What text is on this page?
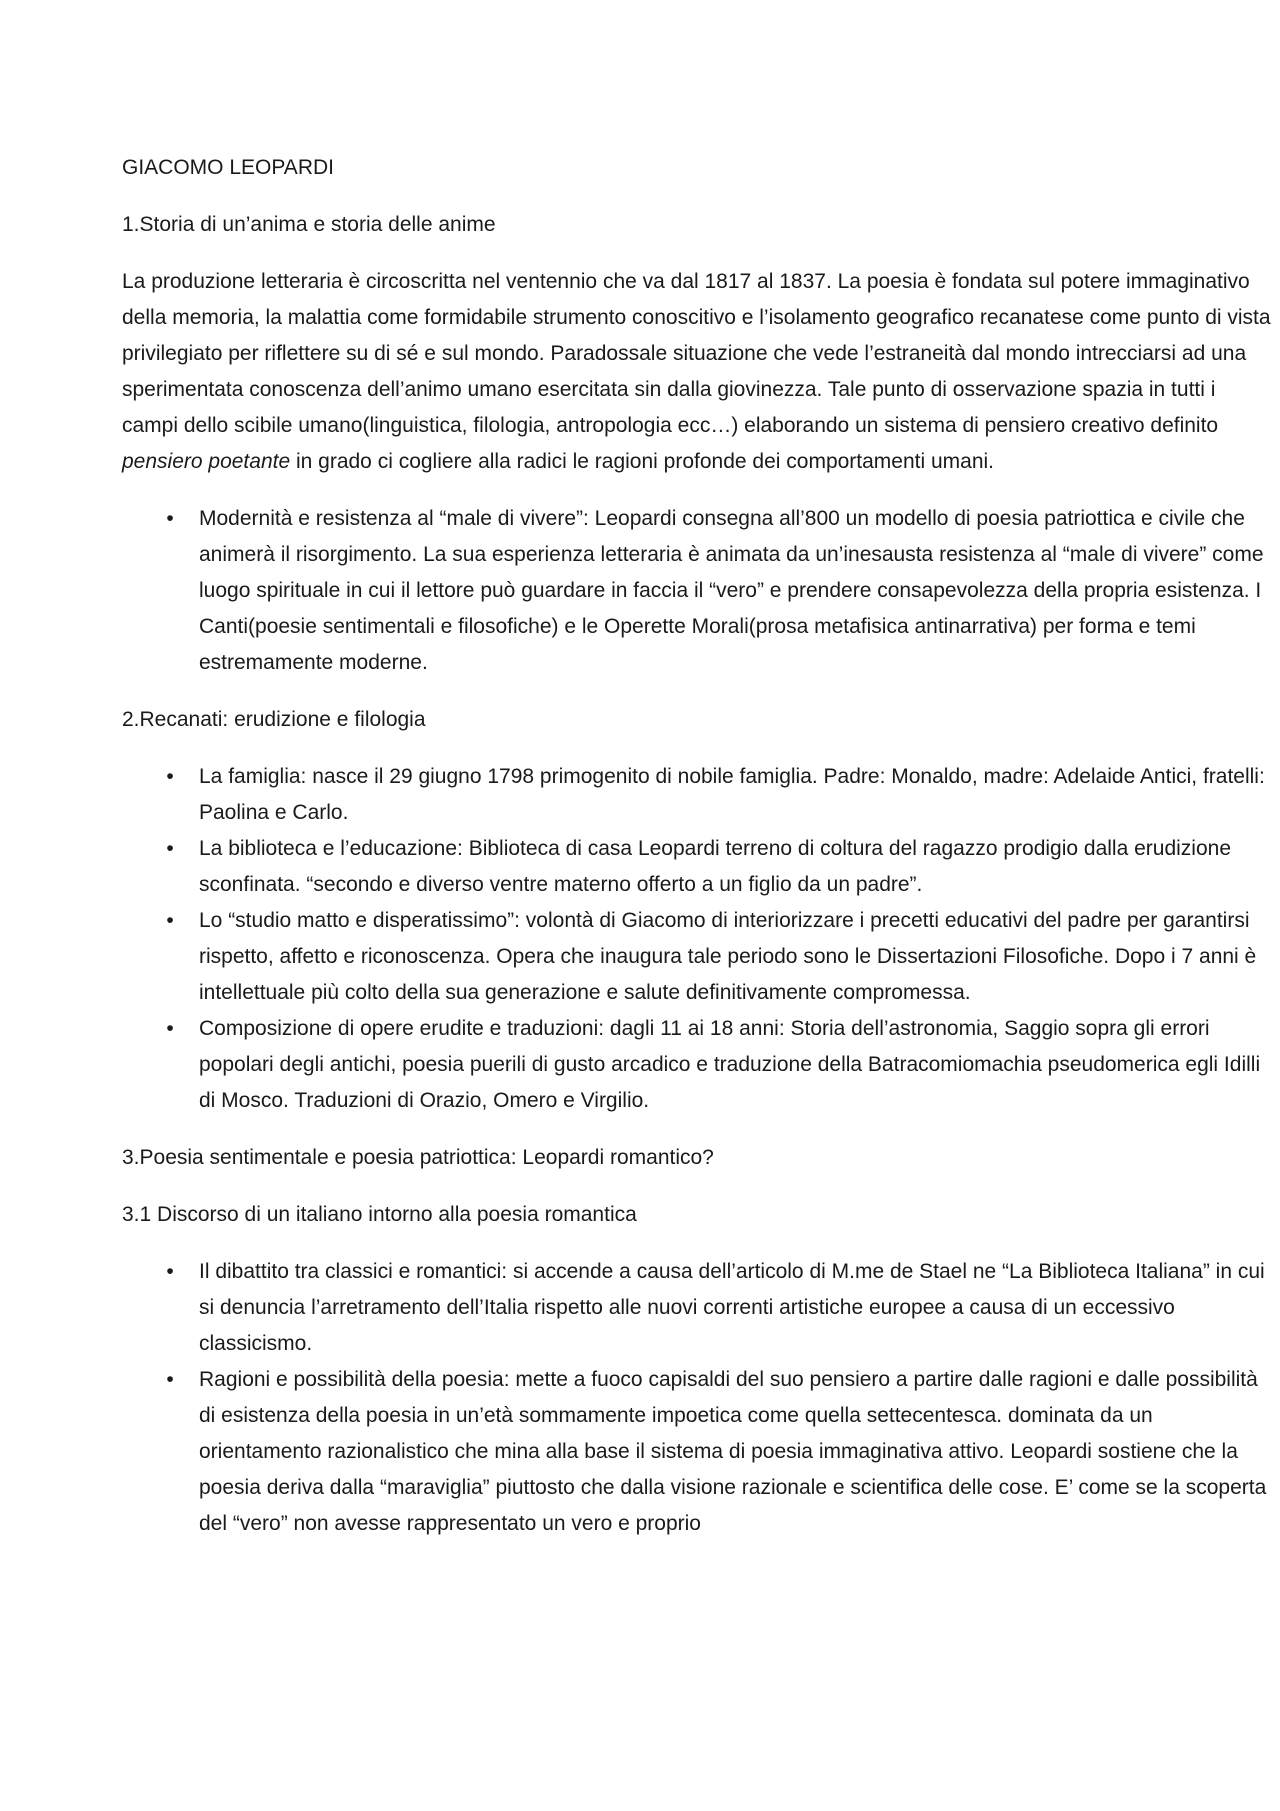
GIACOMO LEOPARDI

1.Storia di un’anima e storia delle anime

La produzione letteraria è circoscritta nel ventennio che va dal 1817 al 1837. La poesia è fondata sul potere immaginativo della memoria, la malattia come formidabile strumento conoscitivo e l’isolamento geografico recanatese come punto di vista privilegiato per riflettere su di sé e sul mondo. Paradossale situazione che vede l’estraneità dal mondo intrecciarsi ad una sperimentata conoscenza dell’animo umano esercitata sin dalla giovinezza. Tale punto di osservazione spazia in tutti i campi dello scibile umano(linguistica, filologia, antropologia ecc…) elaborando un sistema di pensiero creativo definito pensiero poetante in grado ci cogliere alla radici le ragioni profonde dei comportamenti umani.

•	Modernità e resistenza al “male di vivere”: Leopardi consegna all’800 un modello di poesia patriottica e civile che animerà il risorgimento. La sua esperienza letteraria è animata da un’inesausta resistenza al “male di vivere” come luogo spirituale in cui il lettore può guardare in faccia il “vero” e prendere consapevolezza della propria esistenza. I Canti(poesie sentimentali e filosofiche) e le Operette Morali(prosa metafisica antinarrativa) per forma e temi estremamente moderne.

2.Recanati: erudizione e filologia

•	La famiglia: nasce il 29 giugno 1798 primogenito di nobile famiglia. Padre: Monaldo, madre: Adelaide Antici, fratelli: Paolina e Carlo.
•	La biblioteca e l’educazione: Biblioteca di casa Leopardi terreno di coltura del ragazzo prodigio dalla erudizione sconfinata. “secondo e diverso ventre materno offerto a un figlio da un padre”.
•	Lo “studio matto e disperatissimo”: volontà di Giacomo di interiorizzare i precetti educativi del padre per garantirsi rispetto, affetto e riconoscenza. Opera che inaugura tale periodo sono le Dissertazioni Filosofiche. Dopo i 7 anni è intellettuale più colto della sua generazione e salute definitivamente compromessa.
•	Composizione di opere erudite e traduzioni: dagli 11 ai 18 anni: Storia dell’astronomia, Saggio sopra gli errori popolari degli antichi, poesia puerili di gusto arcadico e traduzione della Batracomiomachia pseudomerica egli Idilli di Mosco. Traduzioni di Orazio, Omero e Virgilio.

3.Poesia sentimentale e poesia patriottica: Leopardi romantico?

3.1 Discorso di un italiano intorno alla poesia romantica

•	Il dibattito tra classici e romantici: si accende a causa dell’articolo di M.me de Stael ne “La Biblioteca Italiana” in cui si denuncia l’arretramento dell’Italia rispetto alle nuovi correnti artistiche europee a causa di un eccessivo classicismo.
•	Ragioni e possibilità della poesia: mette a fuoco capisaldi del suo pensiero a partire dalle ragioni e dalle possibilità di esistenza della poesia in un’età sommamente impoetica come quella settecentesca. dominata da un orientamento razionalistico che mina alla base il sistema di poesia immaginativa attivo. Leopardi sostiene che la poesia deriva dalla “maraviglia” piuttosto che dalla visione razionale e scientifica delle cose. E’ come se la scoperta del “vero” non avesse rappresentato un vero e proprio
